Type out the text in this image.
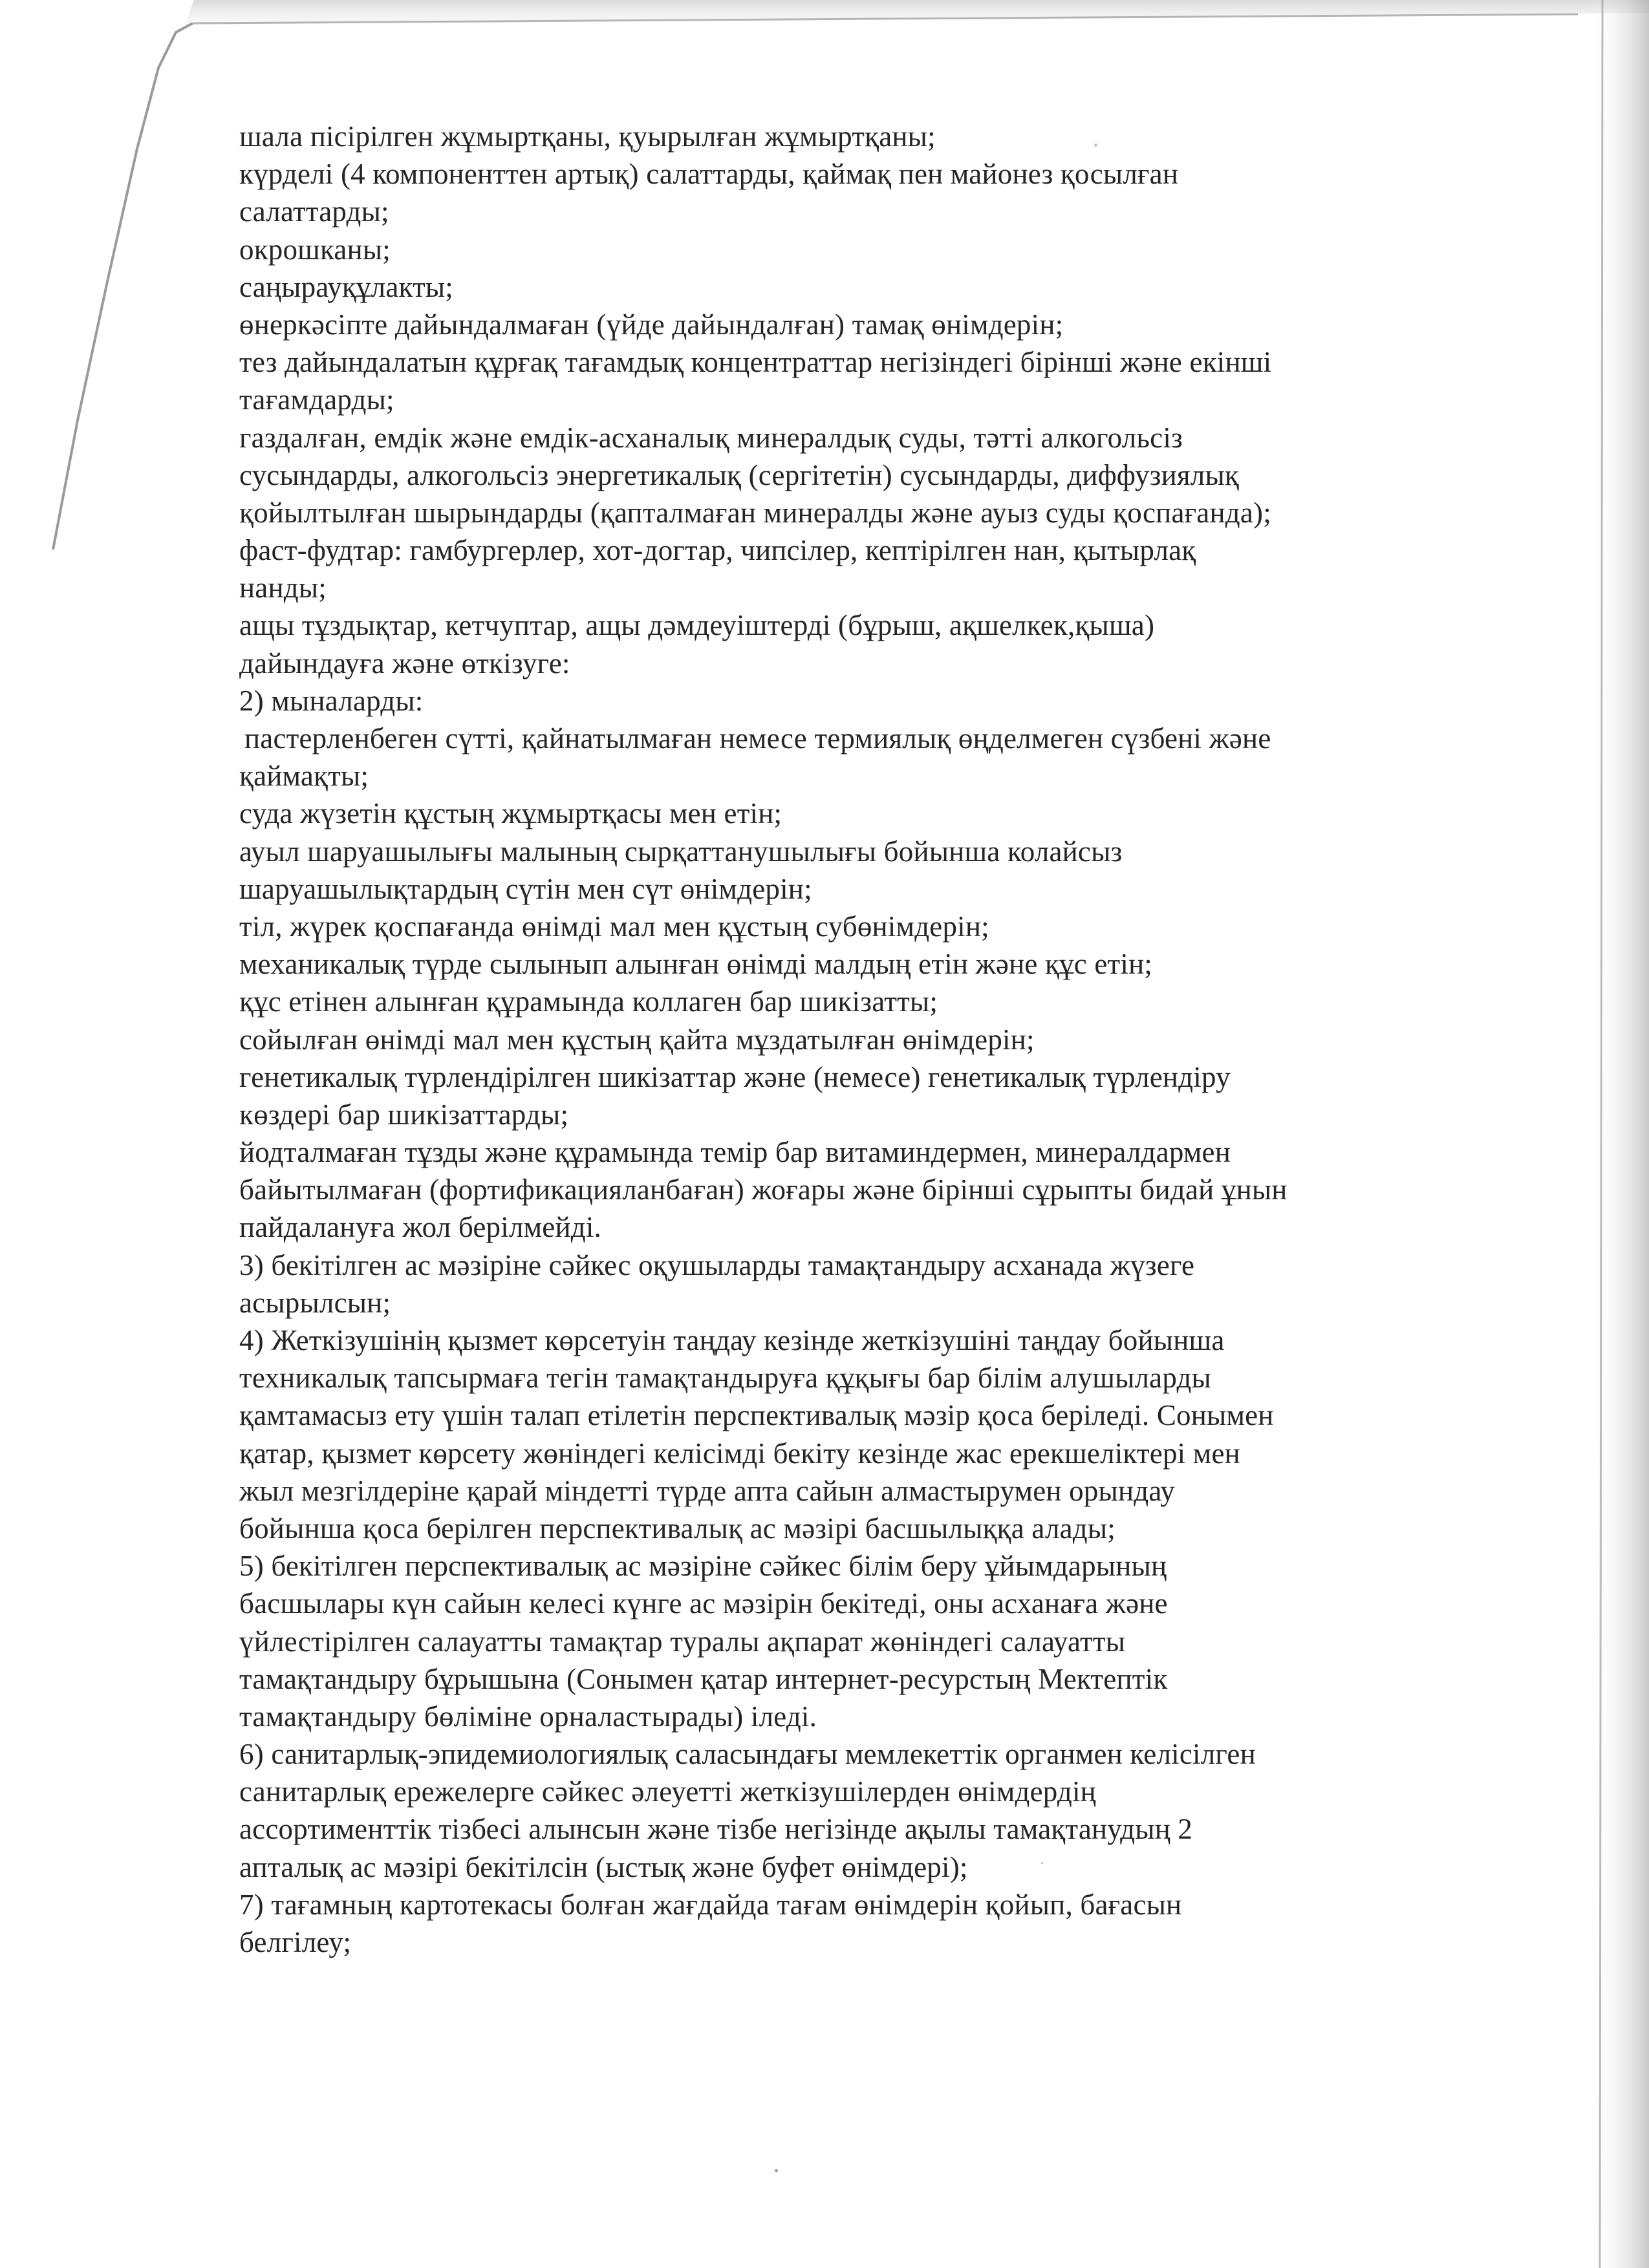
шала пісірілген жұмыртқаны, қуырылған жұмыртқаны;
күрделі (4 компоненттен артық) салаттарды, қаймақ пен майонез қосылған
салаттарды;
окрошканы;
саңырауқұлакты;
өнеркәсіпте дайындалмаған (үйде дайындалған) тамақ өнімдерін;
тез дайындалатын құрғақ тағамдық концентраттар негізіндегі бірінші және екінші
тағамдарды;
газдалған, емдік және емдік-асханалық минералдық суды, тәтті алкогольсіз
сусындарды, алкогольсіз энергетикалық (сергітетін) сусындарды, диффузиялық
қойылтылған шырындарды (қапталмаған минералды және ауыз суды қоспағанда);
фаст-фудтар: гамбургерлер, хот-догтар, чипсілер, кептірілген нан, қытырлақ
нанды;
ащы тұздықтар, кетчуптар, ащы дәмдеуіштерді (бұрыш, ақшелкек,қыша)
дайындауға және өткізуге:
2) мыналарды:
пастерленбеген сүтті, қайнатылмаған немесе термиялық өңделмеген сүзбені және
қаймақты;
суда жүзетін құстың жұмыртқасы мен етін;
ауыл шаруашылығы малының сырқаттанушылығы бойынша колайсыз
шаруашылықтардың сүтін мен сүт өнімдерін;
тіл, жүрек қоспағанда өнімді мал мен құстың субөнімдерін;
механикалық түрде сылынып алынған өнімді малдың етін және құс етін;
құс етінен алынған құрамында коллаген бар шикізатты;
сойылған өнімді мал мен құстың қайта мұздатылған өнімдерін;
генетикалық түрлендірілген шикізаттар және (немесе) генетикалық түрлендіру
көздері бар шикізаттарды;
йодталмаған тұзды және құрамында темір бар витаминдермен, минералдармен
байытылмаған (фортификацияланбаған) жоғары және бірінші сұрыпты бидай ұнын
пайдалануға жол берілмейді.
3) бекітілген ас мәзіріне сәйкес оқушыларды тамақтандыру асханада жүзеге
асырылсын;
4) Жеткізушінің қызмет көрсетуін таңдау кезінде жеткізушіні таңдау бойынша
техникалық тапсырмаға тегін тамақтандыруға құқығы бар білім алушыларды
қамтамасыз ету үшін талап етілетін перспективалық мәзір қоса беріледі. Сонымен
қатар, қызмет көрсету жөніндегі келісімді бекіту кезінде жас ерекшеліктері мен
жыл мезгілдеріне қарай міндетті түрде апта сайын алмастырумен орындау
бойынша қоса берілген перспективалық ас мәзірі басшылыққа алады;
5) бекітілген перспективалық ас мәзіріне сәйкес білім беру ұйымдарының
басшылары күн сайын келесі күнге ас мәзірін бекітеді, оны асханаға және
үйлестірілген салауатты тамақтар туралы ақпарат жөніндегі салауатты
тамақтандыру бұрышына (Сонымен қатар интернет-ресурстың Мектептік
тамақтандыру бөліміне орналастырады) іледі.
6) санитарлық-эпидемиологиялық саласындағы мемлекеттік органмен келісілген
санитарлық ережелерге сәйкес әлеуетті жеткізушілерден өнімдердің
ассортименттік тізбесі алынсын және тізбе негізінде ақылы тамақтанудың 2
апталық ас мәзірі бекітілсін (ыстық және буфет өнімдері);
7) тағамның картотекасы болған жағдайда тағам өнімдерін қойып, бағасын
белгілеу;
